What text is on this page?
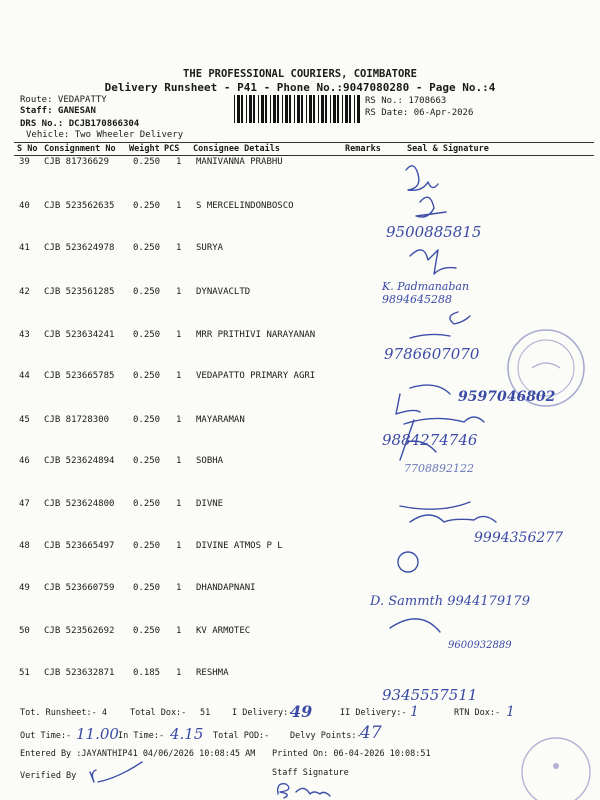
THE PROFESSIONAL COURIERS, COIMBATORE
Delivery Runsheet - P41 - Phone No.:9047080280 - Page No.:4
Route: VEDAPATTY
Staff: GANESAN
DRS No.: DCJB170866304
Vehicle: Two Wheeler Delivery
RS No.: 1708663
RS Date: 06-Apr-2026
S No Consignment No Weight PCS Consignee Details	Remarks	Seal & Signature
39 CJB 81736629	0.250 1 MANIVANNA PRABHU
40 CJB 523562635 0.250 1 S MERCELINDONBOSCO
41 CJB 523624978 0.250 1 SURYA
42 CJB 523561285 0.250 1 DYNAVACLTD
43 CJB 523634241 0.250 1 MRR PRITHIVI NARAYANAN
44 CJB 523665785 0.250 1 VEDAPATTO PRIMARY AGRI
45 CJB 81728300	0.250 1 MAYARAMAN
46 CJB 523624894 0.250 1 SOBHA
47 CJB 523624800 0.250 1 DIVNE
48 CJB 523665497 0.250 1 DIVINE ATMOS P L
49 CJB 523660759 0.250 1 DHANDAPNANI
50 CJB 523562692 0.250 1 KV ARMOTEC
51 CJB 523632871 0.185 1 RESHMA
9500885815
K. Padmanaban
9894645288
9786607070
9597046802
9884274746
7708892122
9994356277
D. Sammth 9944179179
9600932889
9345557511
Tot. Runsheet:- 4	Total Dox:- 51	I Delivery:-
49	II Delivery:- 1	RTN Dox:- 1
Out Time:- 11.00 In Time:- 4.15 Total POD:- Delvy Points:-
47
Entered By :JAYANTHIP41 04/06/2026 10:08:45 AM Printed On: 06-04-2026 10:08:51
Verified By	Staff Signature
